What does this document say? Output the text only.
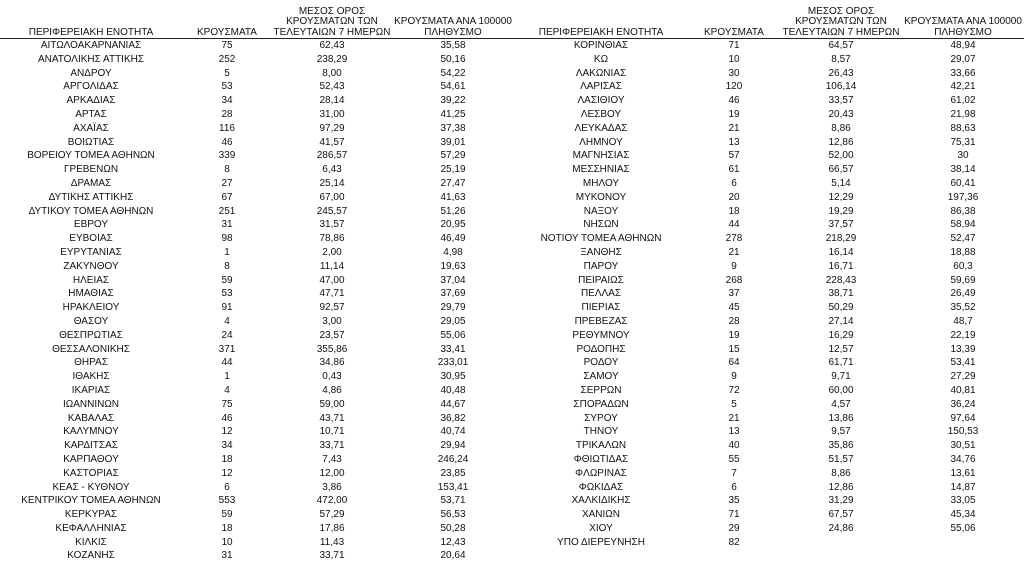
ΠΕΡΙΦΕΡΕΙΑΚΗ ΕΝΟΤΗΤΑ	ΚΡΟΥΣΜΑΤΑ	ΜΕΣΟΣ ΟΡΟΣ ΚΡΟΥΣΜΑΤΩΝ ΤΩΝ ΤΕΛΕΥΤΑΙΩΝ 7 ΗΜΕΡΩΝ	ΚΡΟΥΣΜΑΤΑ ΑΝΑ 100000 ΠΛΗΘΥΣΜΟ
ΑΙΤΩΛΟΑΚΑΡΝΑΝΙΑΣ	75	62,43	35,58
ΑΝΑΤΟΛΙΚΗΣ ΑΤΤΙΚΗΣ	252	238,29	50,16
ΑΝΔΡΟΥ	5	8,00	54,22
ΑΡΓΟΛΙΔΑΣ	53	52,43	54,61
ΑΡΚΑΔΙΑΣ	34	28,14	39,22
ΑΡΤΑΣ	28	31,00	41,25
ΑΧΑΪΑΣ	116	97,29	37,38
ΒΟΙΩΤΙΑΣ	46	41,57	39,01
ΒΟΡΕΙΟΥ ΤΟΜΕΑ ΑΘΗΝΩΝ	339	286,57	57,29
ΓΡΕΒΕΝΩΝ	8	6,43	25,19
ΔΡΑΜΑΣ	27	25,14	27,47
ΔΥΤΙΚΗΣ ΑΤΤΙΚΗΣ	67	67,00	41,63
ΔΥΤΙΚΟΥ ΤΟΜΕΑ ΑΘΗΝΩΝ	251	245,57	51,26
ΕΒΡΟΥ	31	31,57	20,95
ΕΥΒΟΙΑΣ	98	78,86	46,49
ΕΥΡΥΤΑΝΙΑΣ	1	2,00	4,98
ΖΑΚΥΝΘΟΥ	8	11,14	19,63
ΗΛΕΙΑΣ	59	47,00	37,04
ΗΜΑΘΙΑΣ	53	47,71	37,69
ΗΡΑΚΛΕΙΟΥ	91	92,57	29,79
ΘΑΣΟΥ	4	3,00	29,05
ΘΕΣΠΡΩΤΙΑΣ	24	23,57	55,06
ΘΕΣΣΑΛΟΝΙΚΗΣ	371	355,86	33,41
ΘΗΡΑΣ	44	34,86	233,01
ΙΘΑΚΗΣ	1	0,43	30,95
ΙΚΑΡΙΑΣ	4	4,86	40,48
ΙΩΑΝΝΙΝΩΝ	75	59,00	44,67
ΚΑΒΑΛΑΣ	46	43,71	36,82
ΚΑΛΥΜΝΟΥ	12	10,71	40,74
ΚΑΡΔΙΤΣΑΣ	34	33,71	29,94
ΚΑΡΠΑΘΟΥ	18	7,43	246,24
ΚΑΣΤΟΡΙΑΣ	12	12,00	23,85
ΚΕΑΣ - ΚΥΘΝΟΥ	6	3,86	153,41
ΚΕΝΤΡΙΚΟΥ ΤΟΜΕΑ ΑΘΗΝΩΝ	553	472,00	53,71
ΚΕΡΚΥΡΑΣ	59	57,29	56,53
ΚΕΦΑΛΛΗΝΙΑΣ	18	17,86	50,28
ΚΙΛΚΙΣ	10	11,43	12,43
ΚΟΖΑΝΗΣ	31	33,71	20,64
ΠΕΡΙΦΕΡΕΙΑΚΗ ΕΝΟΤΗΤΑ	ΚΡΟΥΣΜΑΤΑ	ΜΕΣΟΣ ΟΡΟΣ ΚΡΟΥΣΜΑΤΩΝ ΤΩΝ ΤΕΛΕΥΤΑΙΩΝ 7 ΗΜΕΡΩΝ	ΚΡΟΥΣΜΑΤΑ ΑΝΑ 100000 ΠΛΗΘΥΣΜΟ
ΚΟΡΙΝΘΙΑΣ	71	64,57	48,94
ΚΩ	10	8,57	29,07
ΛΑΚΩΝΙΑΣ	30	26,43	33,66
ΛΑΡΙΣΑΣ	120	106,14	42,21
ΛΑΣΙΘΙΟΥ	46	33,57	61,02
ΛΕΣΒΟΥ	19	20,43	21,98
ΛΕΥΚΑΔΑΣ	21	8,86	88,63
ΛΗΜΝΟΥ	13	12,86	75,31
ΜΑΓΝΗΣΙΑΣ	57	52,00	30
ΜΕΣΣΗΝΙΑΣ	61	66,57	38,14
ΜΗΛΟΥ	6	5,14	60,41
ΜΥΚΟΝΟΥ	20	12,29	197,36
ΝΑΞΟΥ	18	19,29	86,38
ΝΗΣΩΝ	44	37,57	58,94
ΝΟΤΙΟΥ ΤΟΜΕΑ ΑΘΗΝΩΝ	278	218,29	52,47
ΞΑΝΘΗΣ	21	16,14	18,88
ΠΑΡΟΥ	9	16,71	60,3
ΠΕΙΡΑΙΩΣ	268	228,43	59,69
ΠΕΛΛΑΣ	37	38,71	26,49
ΠΙΕΡΙΑΣ	45	50,29	35,52
ΠΡΕΒΕΖΑΣ	28	27,14	48,7
ΡΕΘΥΜΝΟΥ	19	16,29	22,19
ΡΟΔΟΠΗΣ	15	12,57	13,39
ΡΟΔΟΥ	64	61,71	53,41
ΣΑΜΟΥ	9	9,71	27,29
ΣΕΡΡΩΝ	72	60,00	40,81
ΣΠΟΡΑΔΩΝ	5	4,57	36,24
ΣΥΡΟΥ	21	13,86	97,64
ΤΗΝΟΥ	13	9,57	150,53
ΤΡΙΚΑΛΩΝ	40	35,86	30,51
ΦΘΙΩΤΙΔΑΣ	55	51,57	34,76
ΦΛΩΡΙΝΑΣ	7	8,86	13,61
ΦΩΚΙΔΑΣ	6	12,86	14,87
ΧΑΛΚΙΔΙΚΗΣ	35	31,29	33,05
ΧΑΝΙΩΝ	71	67,57	45,34
ΧΙΟΥ	29	24,86	55,06
ΥΠΟ ΔΙΕΡΕΥΝΗΣΗ	82		
